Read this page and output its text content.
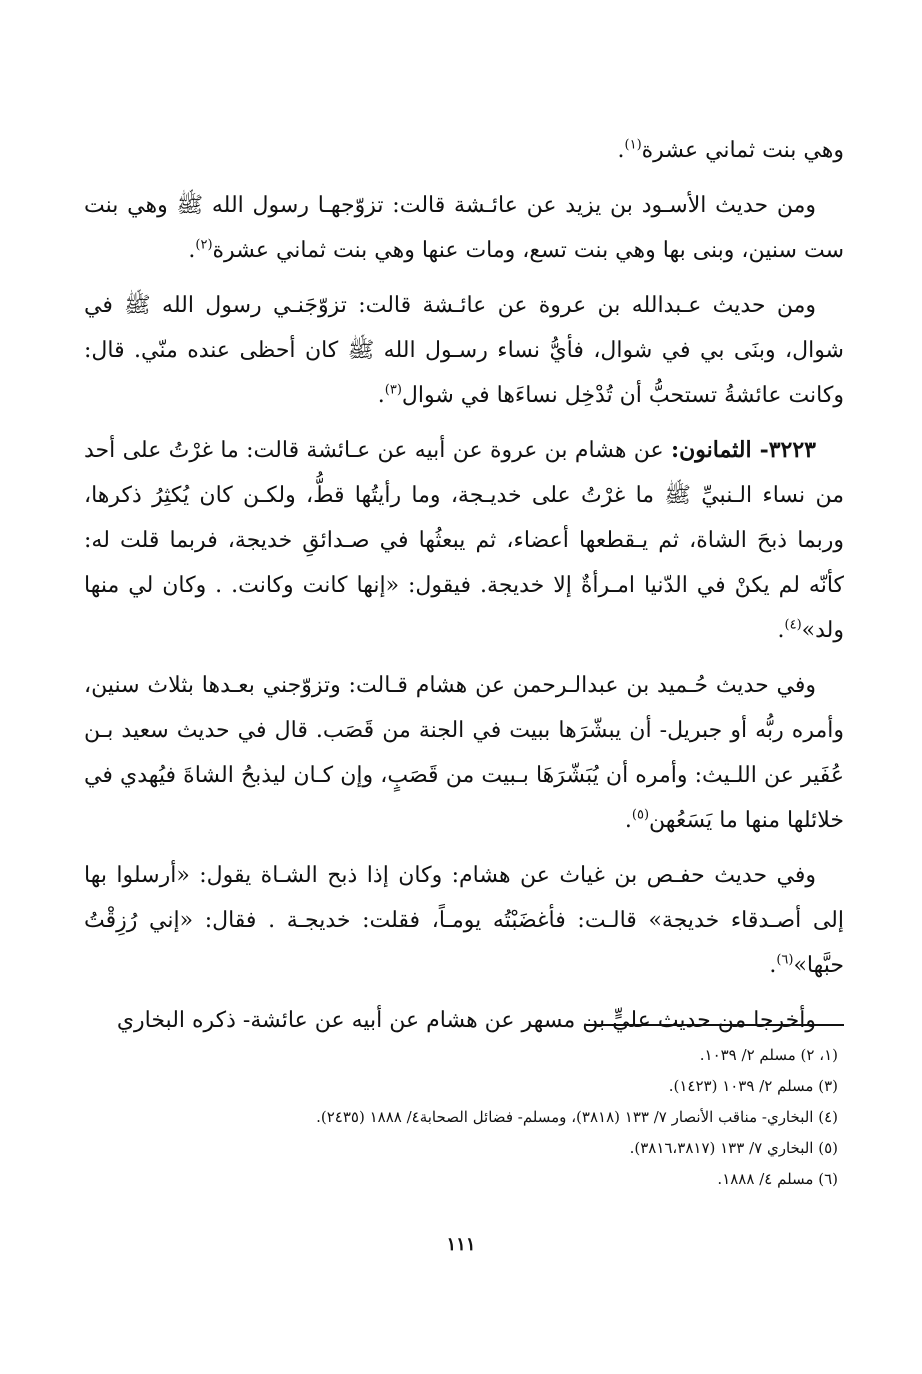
وهي بنت ثماني عشرة$^{(١)}$.

ومن حديث الأسـود بن يزيد عن عائـشة قالت: تزوّجهـا رسول الله ﷺ وهي بنت ست سنين، وبنى بها وهي بنت تسع، ومات عنها وهي بنت ثماني عشرة$^{(٢)}$.

ومن حديث عـبدالله بن عروة عن عائـشة قالت: تزوّجَنـي رسول الله ﷺ في شوال، وبنَى بي في شوال، فأيُّ نساء رسـول الله ﷺ كان أحظى عنده منّي. قال: وكانت عائشةُ تستحبُّ أن تُدْخِل نساءَها في شوال$^{(٣)}$.

٣٢٢٣- الثمانون: عن هشام بن عروة عن أبيه عن عـائشة قالت: ما غرْتُ على أحد من نساء الـنبيِّ ﷺ ما غرْتُ على خديـجة، وما رأيتُها قطُّ، ولكـن كان يُكثِرُ ذكرها، وربما ذبحَ الشاة، ثم يـقطعها أعضاء، ثم يبعثُها في صـدائقِ خديجة، فربما قلت له: كأنّه لم يكنْ في الدّنيا امـرأةٌ إلا خديجة. فيقول: «إنها كانت وكانت. . وكان لي منها ولد»$^{(٤)}$.

وفي حديث حُـميد بن عبدالـرحمن عن هشام قـالت: وتزوّجني بعـدها بثلاث سنين، وأمره ربُّه أو جبريل- أن يبشّرَها ببيت في الجنة من قَصَب. قال في حديث سعيد بـن عُفَير عن اللـيث: وأمره أن يُبَشّرَهَا بـبيت من قَصَبٍ، وإن كـان ليذبحُ الشاةَ فيُهدي في خلائلها منها ما يَسَعُهن$^{(٥)}$.

وفي حديث حفـص بن غياث عن هشام: وكان إذا ذبح الشـاة يقول: «أرسلوا بها إلى أصـدقاء خديجة» قالـت: فأغضَبْتُه يومـاً، فقلت: خديجـة . فقال: «إني رُزِقْتُ حبَّها»$^{(٦)}$.

وأخرجا من حديث عليٍّ بن مسهر عن هشام عن أبيه عن عائشة- ذكره البخاري

(١، ٢) مسلم ٢/ ١٠٣٩.

(٣) مسلم ٢/ ١٠٣٩ (١٤٢٣).

(٤) البخاري- مناقب الأنصار ٧/ ١٣٣ (٣٨١٨)، ومسلم- فضائل الصحابة٤/ ١٨٨٨ (٢٤٣٥).

(٥) البخاري ٧/ ١٣٣ (٣٨١٦،٣٨١٧).

(٦) مسلم ٤/ ١٨٨٨.

١١١
